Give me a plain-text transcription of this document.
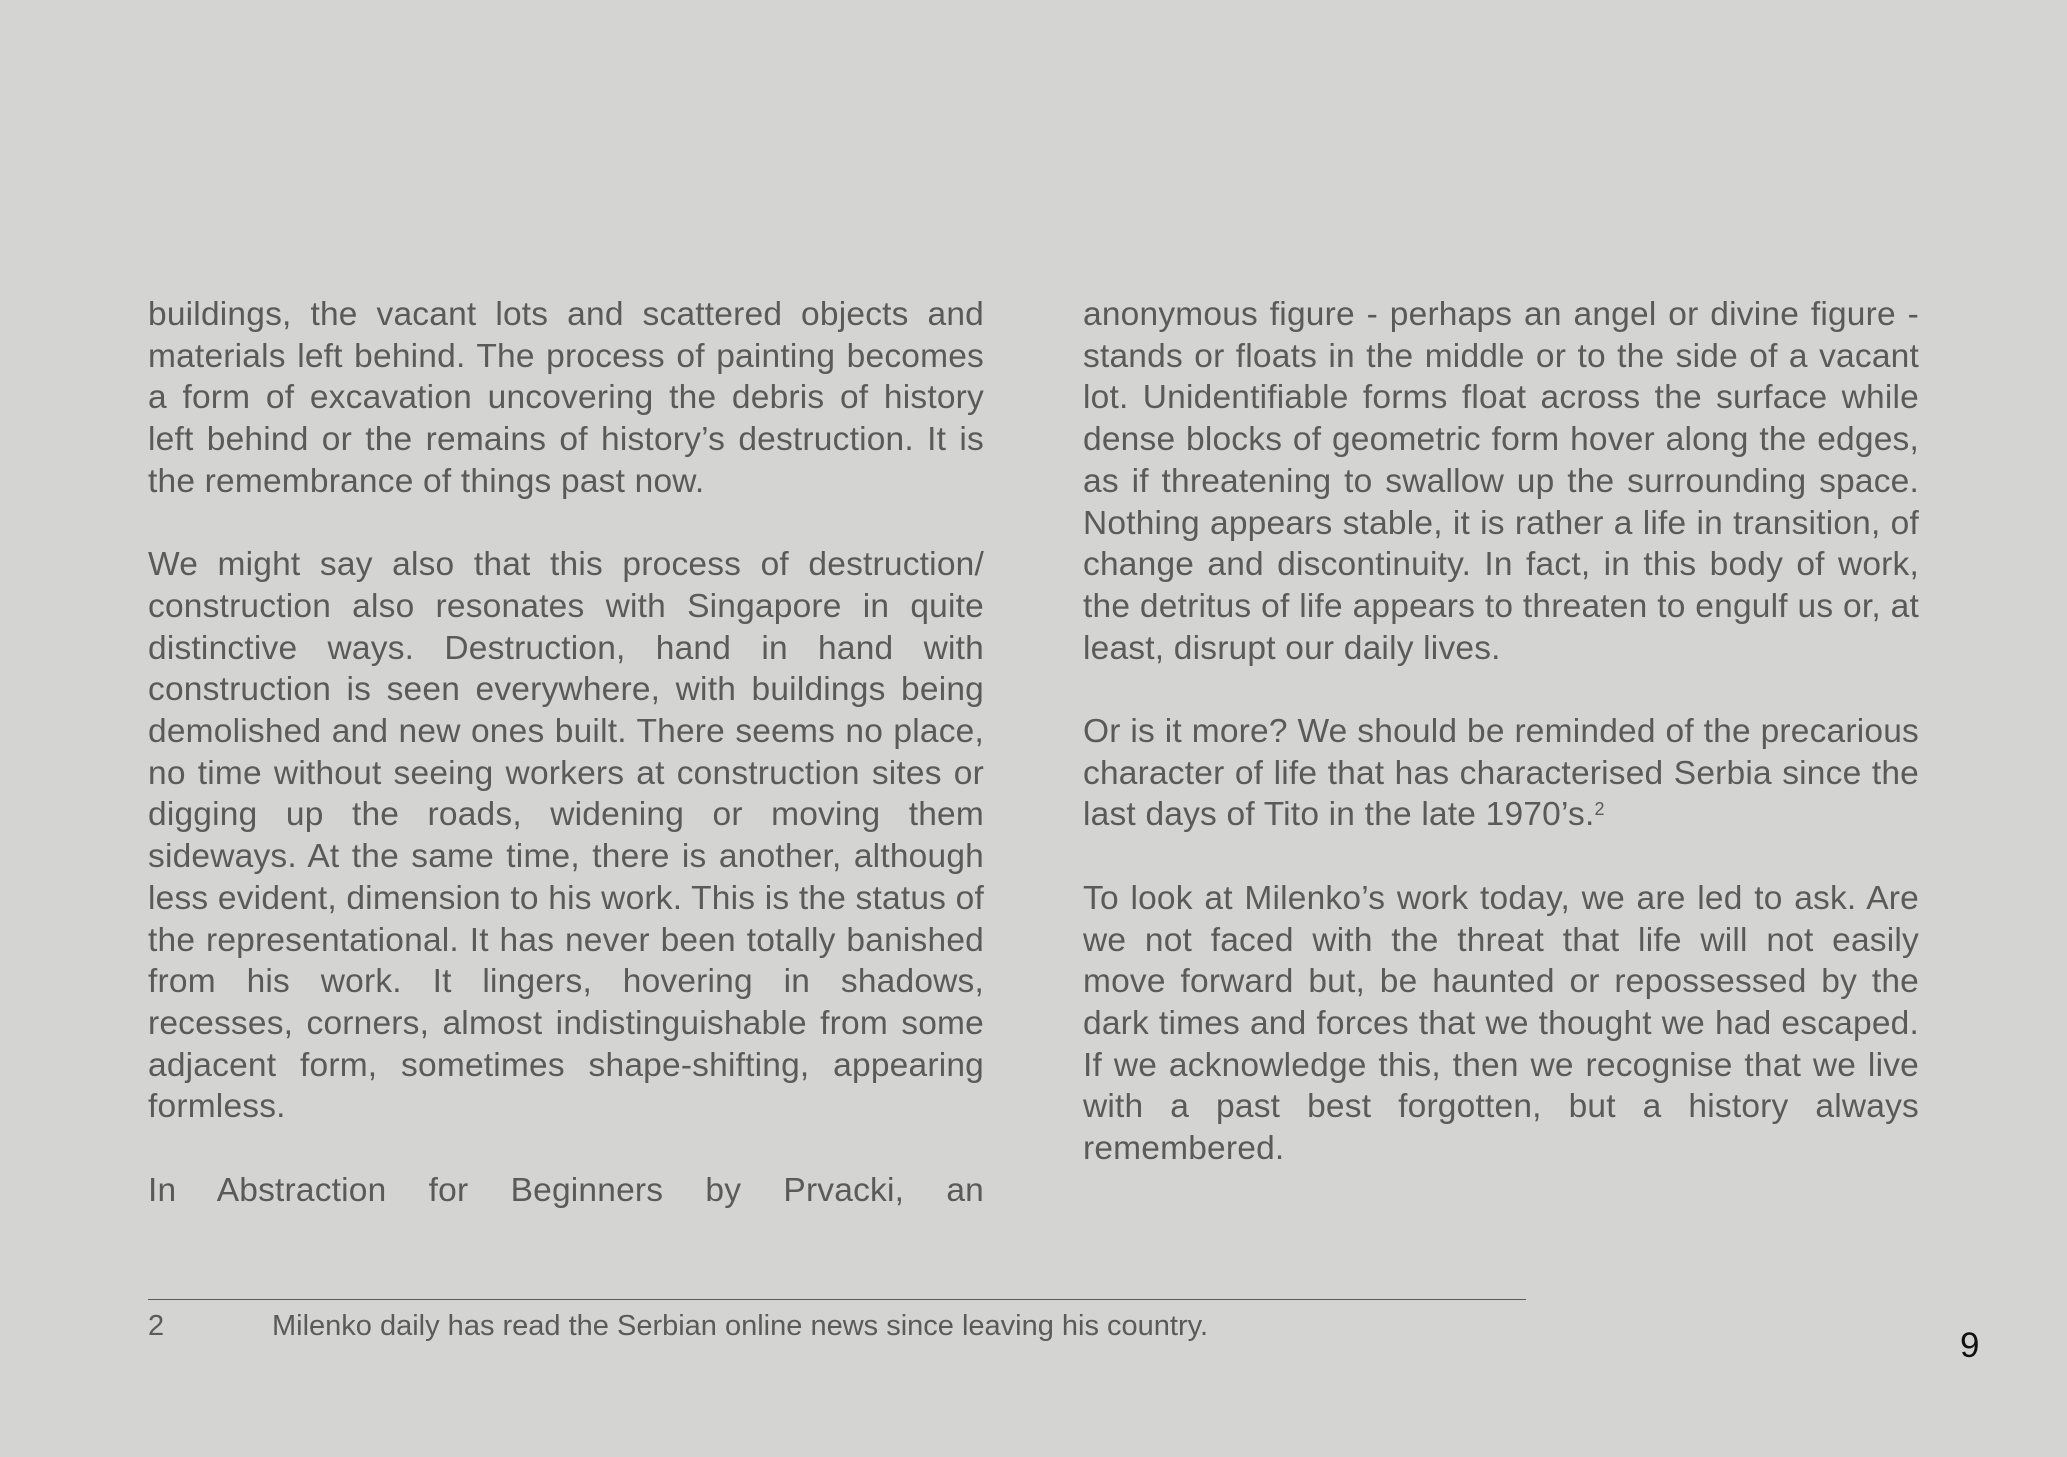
buildings, the vacant lots and scattered objects and materials left behind. The process of painting becomes a form of excavation uncovering the debris of history left behind or the remains of history’s destruction. It is the remembrance of things past now.

We might say also that this process of destruction/ construction also resonates with Singapore in quite distinctive ways. Destruction, hand in hand with construction is seen everywhere, with buildings being demolished and new ones built. There seems no place, no time without seeing workers at construction sites or digging up the roads, widening or moving them sideways. At the same time, there is another, although less evident, dimension to his work. This is the status of the representational. It has never been totally banished from his work. It lingers, hovering in shadows, recesses, corners, almost indistinguishable from some adjacent form, sometimes shape-shifting, appearing formless.

In Abstraction for Beginners by Prvacki, an

anonymous figure - perhaps an angel or divine figure - stands or floats in the middle or to the side of a vacant lot. Unidentifiable forms float across the surface while dense blocks of geometric form hover along the edges, as if threatening to swallow up the surrounding space. Nothing appears stable, it is rather a life in transition, of change and discontinuity. In fact, in this body of work, the detritus of life appears to threaten to engulf us or, at least, disrupt our daily lives.

Or is it more? We should be reminded of the precarious character of life that has characterised Serbia since the last days of Tito in the late 1970’s.$^2$

To look at Milenko’s work today, we are led to ask. Are we not faced with the threat that life will not easily move forward but, be haunted or repossessed by the dark times and forces that we thought we had escaped. If we acknowledge this, then we recognise that we live with a past best forgotten, but a history always remembered.

2	Milenko daily has read the Serbian online news since leaving his country.	9
